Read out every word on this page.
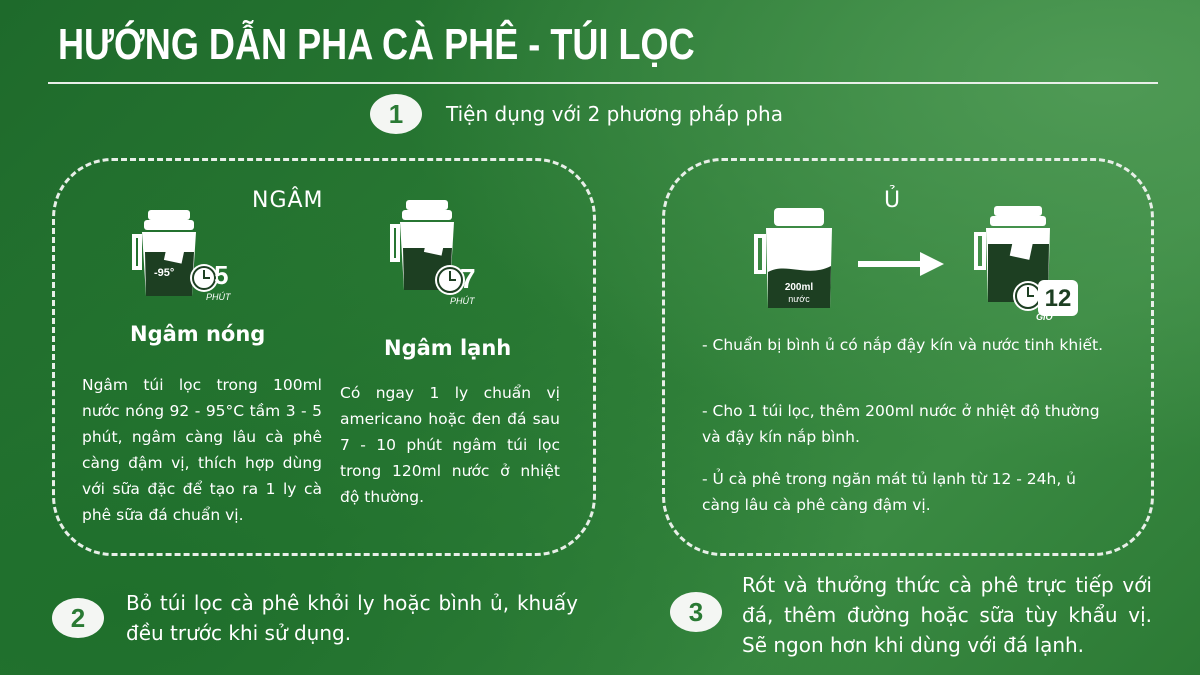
HƯỚNG DẪN PHA CÀ PHÊ - TÚI LỌC
1	Tiện dụng với 2 phương pháp pha
NGÂM
-95° 5
PHÚT
7
PHÚT
Ngâm nóng
Ngâm lạnh

Ngâm túi lọc trong 100ml nước nóng 92 - 95°C tầm 3 - 5 phút, ngâm càng lâu cà phê càng đậm vị, thích hợp dùng với sữa đặc để tạo ra 1 ly cà phê sữa đá chuẩn vị.

Có ngay 1 ly chuẩn vị americano hoặc đen đá sau 7 - 10 phút ngâm túi lọc trong 120ml nước ở nhiệt độ thường.

Ủ
200ml
nước	12
GIỜ

- Chuẩn bị bình ủ có nắp đậy kín và nước tinh khiết.

- Cho 1 túi lọc, thêm 200ml nước ở nhiệt độ thường và đậy kín nắp bình.

- Ủ cà phê trong ngăn mát tủ lạnh từ 12 - 24h, ủ càng lâu cà phê càng đậm vị.

2	Bỏ túi lọc cà phê khỏi ly hoặc bình ủ, khuấy đều trước khi sử dụng.
3
Rót và thưởng thức cà phê trực tiếp với đá, thêm đường hoặc sữa tùy khẩu vị. Sẽ ngon hơn khi dùng với đá lạnh.
